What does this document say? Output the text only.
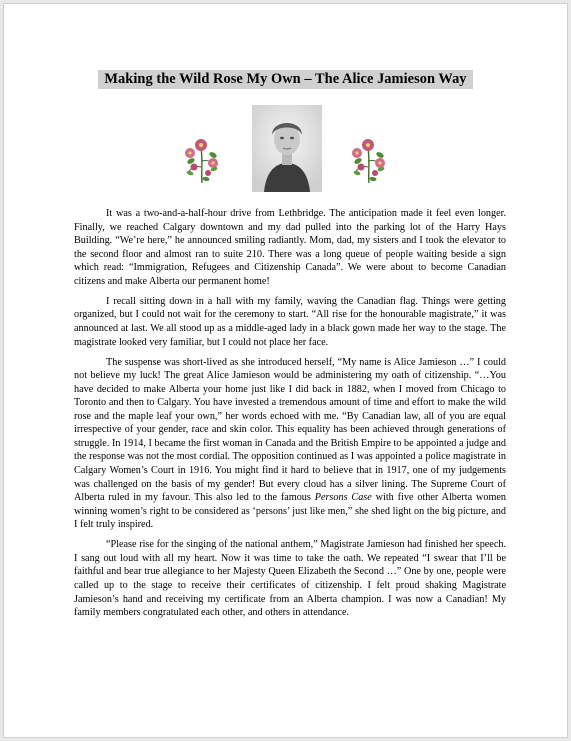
Making the Wild Rose My Own – The Alice Jamieson Way

It was a two-and-a-half-hour drive from Lethbridge. The anticipation made it feel even longer. Finally, we reached Calgary downtown and my dad pulled into the parking lot of the Harry Hays Building. “We’re here,” he announced smiling radiantly. Mom, dad, my sisters and I took the elevator to the second floor and almost ran to suite 210. There was a long queue of people waiting beside a sign which read: “Immigration, Refugees and Citizenship Canada”. We were about to become Canadian citizens and make Alberta our permanent home!

I recall sitting down in a hall with my family, waving the Canadian flag. Things were getting organized, but I could not wait for the ceremony to start. “All rise for the honourable magistrate,” it was announced at last. We all stood up as a middle-aged lady in a black gown made her way to the stage. The magistrate looked very familiar, but I could not place her face.

The suspense was short-lived as she introduced herself, “My name is Alice Jamieson …” I could not believe my luck! The great Alice Jamieson would be administering my oath of citizenship. “…You have decided to make Alberta your home just like I did back in 1882, when I moved from Chicago to Toronto and then to Calgary. You have invested a tremendous amount of time and effort to make the wild rose and the maple leaf your own,” her words echoed with me. “By Canadian law, all of you are equal irrespective of your gender, race and skin color. This equality has been achieved through generations of struggle. In 1914, I became the first woman in Canada and the British Empire to be appointed a judge and the response was not the most cordial. The opposition continued as I was appointed a police magistrate in Calgary Women’s Court in 1916. You might find it hard to believe that in 1917, one of my judgements was challenged on the basis of my gender! But every cloud has a silver lining. The Supreme Court of Alberta ruled in my favour. This also led to the famous Persons Case with five other Alberta women winning women’s right to be considered as ‘persons’ just like men,” she shed light on the big picture, and I felt truly inspired.

“Please rise for the singing of the national anthem,” Magistrate Jamieson had finished her speech. I sang out loud with all my heart. Now it was time to take the oath. We repeated “I swear that I’ll be faithful and bear true allegiance to her Majesty Queen Elizabeth the Second …” One by one, people were called up to the stage to receive their certificates of citizenship. I felt proud shaking Magistrate Jamieson’s hand and receiving my certificate from an Alberta champion. I was now a Canadian! My family members congratulated each other, and others in attendance.
